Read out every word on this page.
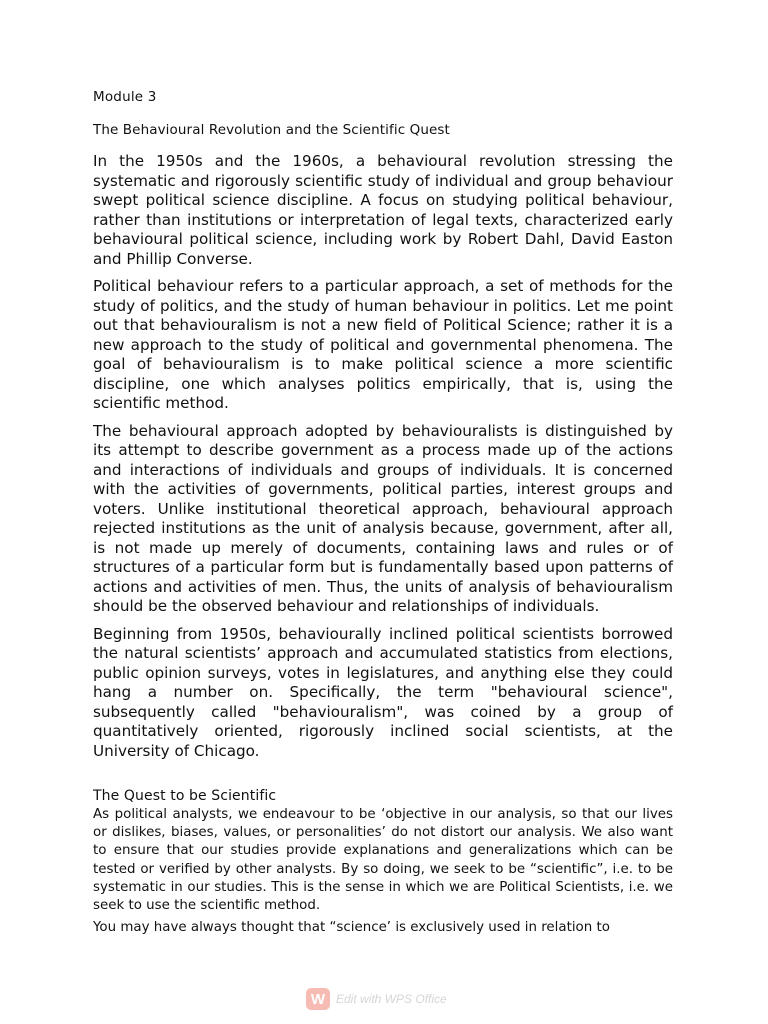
Module 3
The Behavioural Revolution and the Scientific Quest

In the 1950s and the 1960s, a behavioural revolution stressing the systematic and rigorously scientific study of individual and group behaviour swept political science discipline. A focus on studying political behaviour, rather than institutions or interpretation of legal texts, characterized early behavioural political science, including work by Robert Dahl, David Easton and Phillip Converse.

Political behaviour refers to a particular approach, a set of methods for the study of politics, and the study of human behaviour in politics. Let me point out that behaviouralism is not a new field of Political Science; rather it is a new approach to the study of political and governmental phenomena. The goal of behaviouralism is to make political science a more scientific discipline, one which analyses politics empirically, that is, using the scientific method.

The behavioural approach adopted by behaviouralists is distinguished by its attempt to describe government as a process made up of the actions and interactions of individuals and groups of individuals. It is concerned with the activities of governments, political parties, interest groups and voters. Unlike institutional theoretical approach, behavioural approach rejected institutions as the unit of analysis because, government, after all, is not made up merely of documents, containing laws and rules or of structures of a particular form but is fundamentally based upon patterns of actions and activities of men. Thus, the units of analysis of behaviouralism should be the observed behaviour and relationships of individuals.

Beginning from 1950s, behaviourally inclined political scientists borrowed the natural scientists’ approach and accumulated statistics from elections, public opinion surveys, votes in legislatures, and anything else they could hang a number on. Specifically, the term "behavioural science", subsequently called "behaviouralism", was coined by a group of quantitatively oriented, rigorously inclined social scientists, at the University of Chicago.

The Quest to be Scientific

As political analysts, we endeavour to be ‘objective in our analysis, so that our lives or dislikes, biases, values, or personalities’ do not distort our analysis. We also want to ensure that our studies provide explanations and generalizations which can be tested or verified by other analysts. By so doing, we seek to be “scientific”, i.e. to be systematic in our studies. This is the sense in which we are Political Scientists, i.e. we seek to use the scientific method.

You may have always thought that “science’ is exclusively used in relation to

W Edit with WPS Office
